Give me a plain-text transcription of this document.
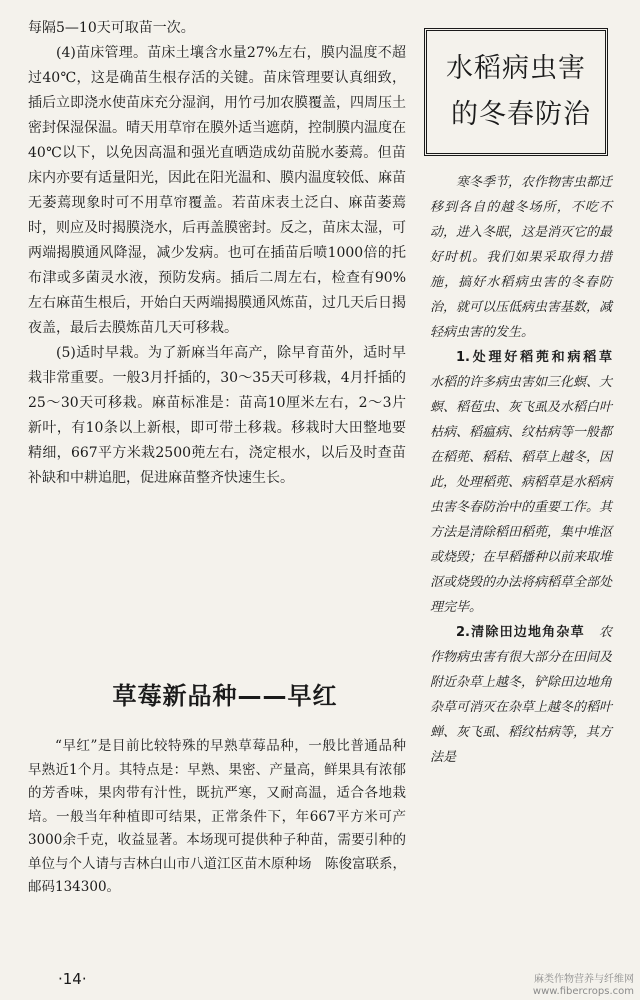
每隔5—10天可取苗一次。

(4)苗床管理。苗床土壤含水量27%左右，膜内温度不超过40℃，这是确苗生根存活的关键。苗床管理要认真细致，插后立即浇水使苗床充分湿润，用竹弓加农膜覆盖，四周压土密封保湿保温。晴天用草帘在膜外适当遮荫，控制膜内温度在40℃以下，以免因高温和强光直晒造成幼苗脱水萎蔫。但苗床内亦要有适量阳光，因此在阳光温和、膜内温度较低、麻苗无萎蔫现象时可不用草帘覆盖。若苗床表土泛白、麻苗萎蔫时，则应及时揭膜浇水，后再盖膜密封。反之，苗床太湿，可两端揭膜通风降湿，减少发病。也可在插苗后喷1000倍的托布津或多菌灵水液，预防发病。插后二周左右，检查有90%左右麻苗生根后，开始白天两端揭膜通风炼苗，过几天后日揭夜盖，最后去膜炼苗几天可移栽。

(5)适时早栽。为了新麻当年高产，除早育苗外，适时早栽非常重要。一般3月扦插的，30～35天可移栽，4月扦插的25～30天可移栽。麻苗标准是：苗高10厘米左右，2～3片新叶，有10条以上新根，即可带土移栽。移栽时大田整地要精细，667平方米栽2500蔸左右，浇定根水，以后及时查苗补缺和中耕追肥，促进麻苗整齐快速生长。

草莓新品种——早红

“早红”是目前比较特殊的早熟草莓品种，一般比普通品种早熟近1个月。其特点是：早熟、果密、产量高，鲜果具有浓郁的芳香味，果肉带有汁性，既抗严寒，又耐高温，适合各地栽培。一般当年种植即可结果，正常条件下，年667平方米可产3000余千克，收益显著。本场现可提供种子种苗，需要引种的单位与个人请与吉林白山市八道江区苗木原种场　陈俊富联系，邮码134300。

·14·
水稻病虫害
的冬春防治

寒冬季节，农作物害虫都迁移到各自的越冬场所，不吃不动，进入冬眠，这是消灭它的最好时机。我们如果采取得力措施，搞好水稻病虫害的冬春防治，就可以压低病虫害基数，减轻病虫害的发生。

1.处理好稻蔸和病稻草　水稻的许多病虫害如三化螟、大螟、稻苞虫、灰飞虱及水稻白叶枯病、稻瘟病、纹枯病等一般都在稻蔸、稻秸、稻草上越冬，因此，处理稻蔸、病稻草是水稻病虫害冬春防治中的重要工作。其方法是清除稻田稻蔸，集中堆沤或烧毁；在早稻播种以前来取堆沤或烧毁的办法将病稻草全部处理完毕。

2.清除田边地角杂草　 农作物病虫害有很大部分在田间及附近杂草上越冬，铲除田边地角杂草可消灭在杂草上越冬的稻叶蝉、灰飞虱、稻纹枯病等，其方法是

麻类作物营养与纤维网
www.fibercrops.com
